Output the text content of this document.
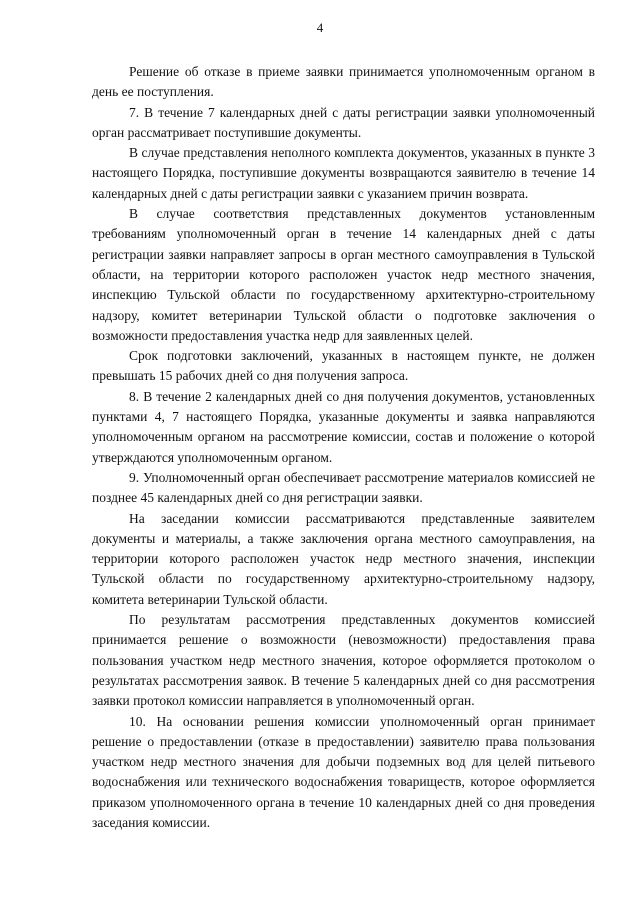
4

Решение об отказе в приеме заявки принимается уполномоченным органом в день ее поступления.

7. В течение 7 календарных дней с даты регистрации заявки уполномоченный орган рассматривает поступившие документы.

В случае представления неполного комплекта документов, указанных в пункте 3 настоящего Порядка, поступившие документы возвращаются заявителю в течение 14 календарных дней с даты регистрации заявки с указанием причин возврата.

В случае соответствия представленных документов установленным требованиям уполномоченный орган в течение 14 календарных дней с даты регистрации заявки направляет запросы в орган местного самоуправления в Тульской области, на территории которого расположен участок недр местного значения, инспекцию Тульской области по государственному архитектурно-строительному надзору, комитет ветеринарии Тульской области о подготовке заключения о возможности предоставления участка недр для заявленных целей.

Срок подготовки заключений, указанных в настоящем пункте, не должен превышать 15 рабочих дней со дня получения запроса.

8. В течение 2 календарных дней со дня получения документов, установленных пунктами 4, 7 настоящего Порядка, указанные документы и заявка направляются уполномоченным органом на рассмотрение комиссии, состав и положение о которой утверждаются уполномоченным органом.

9. Уполномоченный орган обеспечивает рассмотрение материалов комиссией не позднее 45 календарных дней со дня регистрации заявки.

На заседании комиссии рассматриваются представленные заявителем документы и материалы, а также заключения органа местного самоуправления, на территории которого расположен участок недр местного значения, инспекции Тульской области по государственному архитектурно-строительному надзору, комитета ветеринарии Тульской области.

По результатам рассмотрения представленных документов комиссией принимается решение о возможности (невозможности) предоставления права пользования участком недр местного значения, которое оформляется протоколом о результатах рассмотрения заявок. В течение 5 календарных дней со дня рассмотрения заявки протокол комиссии направляется в уполномоченный орган.

10. На основании решения комиссии уполномоченный орган принимает решение о предоставлении (отказе в предоставлении) заявителю права пользования участком недр местного значения для добычи подземных вод для целей питьевого водоснабжения или технического водоснабжения товариществ, которое оформляется приказом уполномоченного органа в течение 10 календарных дней со дня проведения заседания комиссии.
